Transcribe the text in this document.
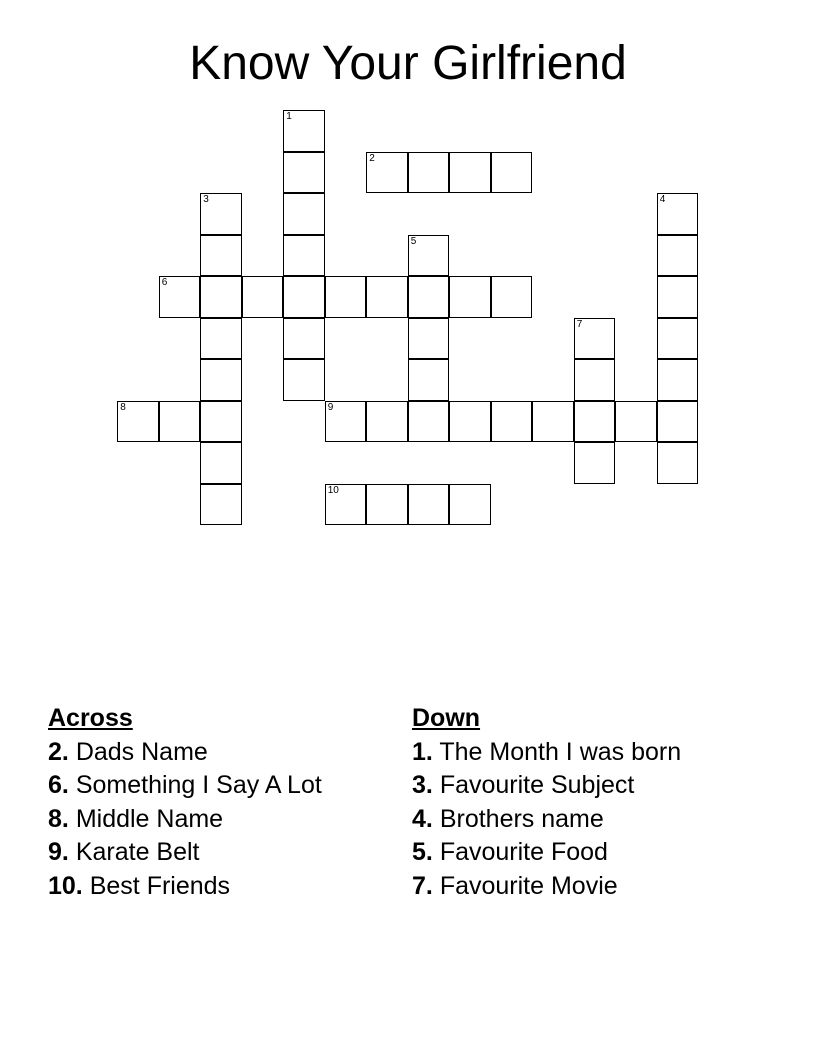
Know Your Girlfriend
1
2
3	4
5
6
7
8	9
10
Across
2. Dads Name
6. Something I Say A Lot
8. Middle Name
9. Karate Belt
10. Best Friends
Down
1. The Month I was born
3. Favourite Subject
4. Brothers name
5. Favourite Food
7. Favourite Movie
